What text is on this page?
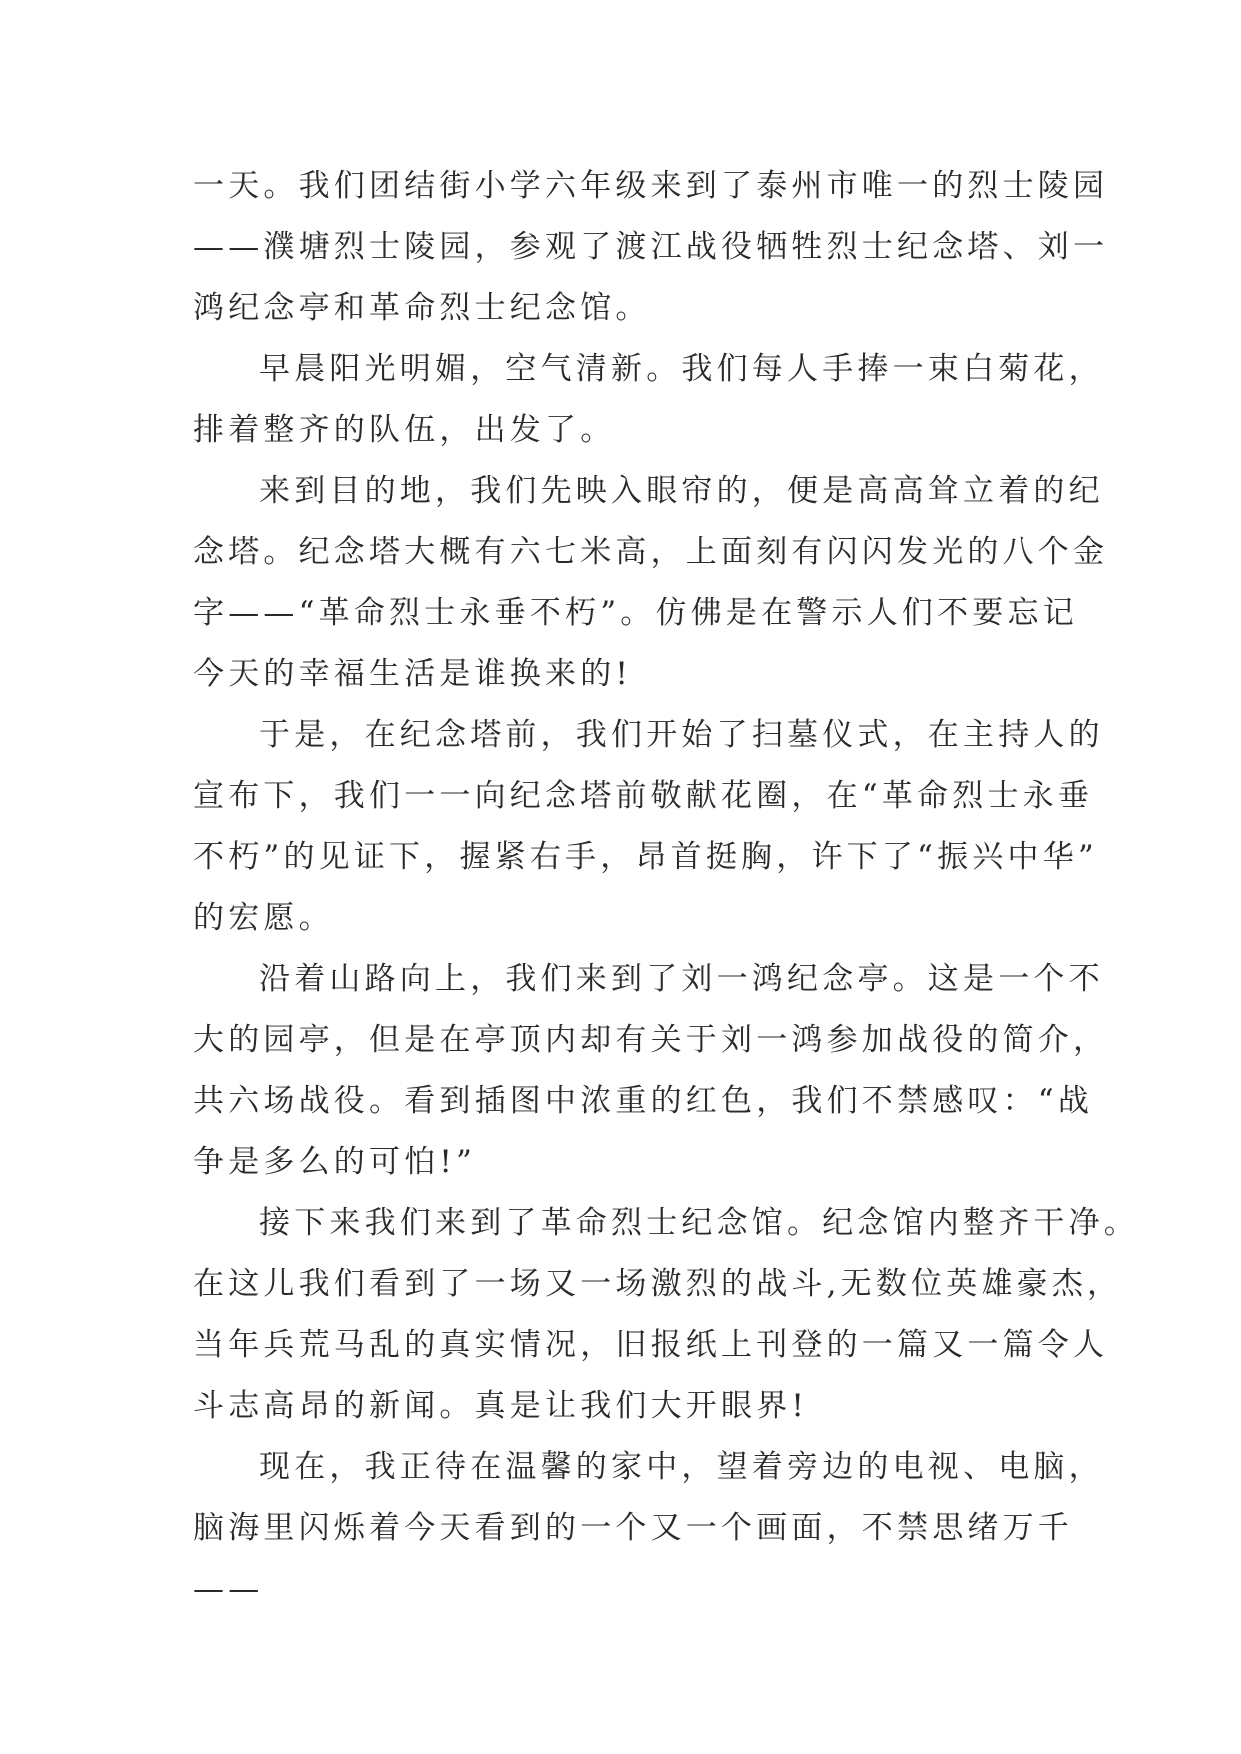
一天。我们团结街小学六年级来到了泰州市唯一的烈士陵园
——濮塘烈士陵园，参观了渡江战役牺牲烈士纪念塔、刘一
鸿纪念亭和革命烈士纪念馆。
早晨阳光明媚，空气清新。我们每人手捧一束白菊花，
排着整齐的队伍，出发了。
来到目的地，我们先映入眼帘的，便是高高耸立着的纪
念塔。纪念塔大概有六七米高，上面刻有闪闪发光的八个金
字——“革命烈士永垂不朽”。仿佛是在警示人们不要忘记
今天的幸福生活是谁换来的!
于是，在纪念塔前，我们开始了扫墓仪式，在主持人的
宣布下，我们一一向纪念塔前敬献花圈，在“革命烈士永垂
不朽”的见证下，握紧右手，昂首挺胸，许下了“振兴中华”
的宏愿。
沿着山路向上，我们来到了刘一鸿纪念亭。这是一个不
大的园亭，但是在亭顶内却有关于刘一鸿参加战役的简介，
共六场战役。看到插图中浓重的红色，我们不禁感叹：“战
争是多么的可怕!”
接下来我们来到了革命烈士纪念馆。纪念馆内整齐干净。
在这儿我们看到了一场又一场激烈的战斗,无数位英雄豪杰，
当年兵荒马乱的真实情况，旧报纸上刊登的一篇又一篇令人
斗志高昂的新闻。真是让我们大开眼界!
现在，我正待在温馨的家中，望着旁边的电视、电脑，
脑海里闪烁着今天看到的一个又一个画面，不禁思绪万千
——
